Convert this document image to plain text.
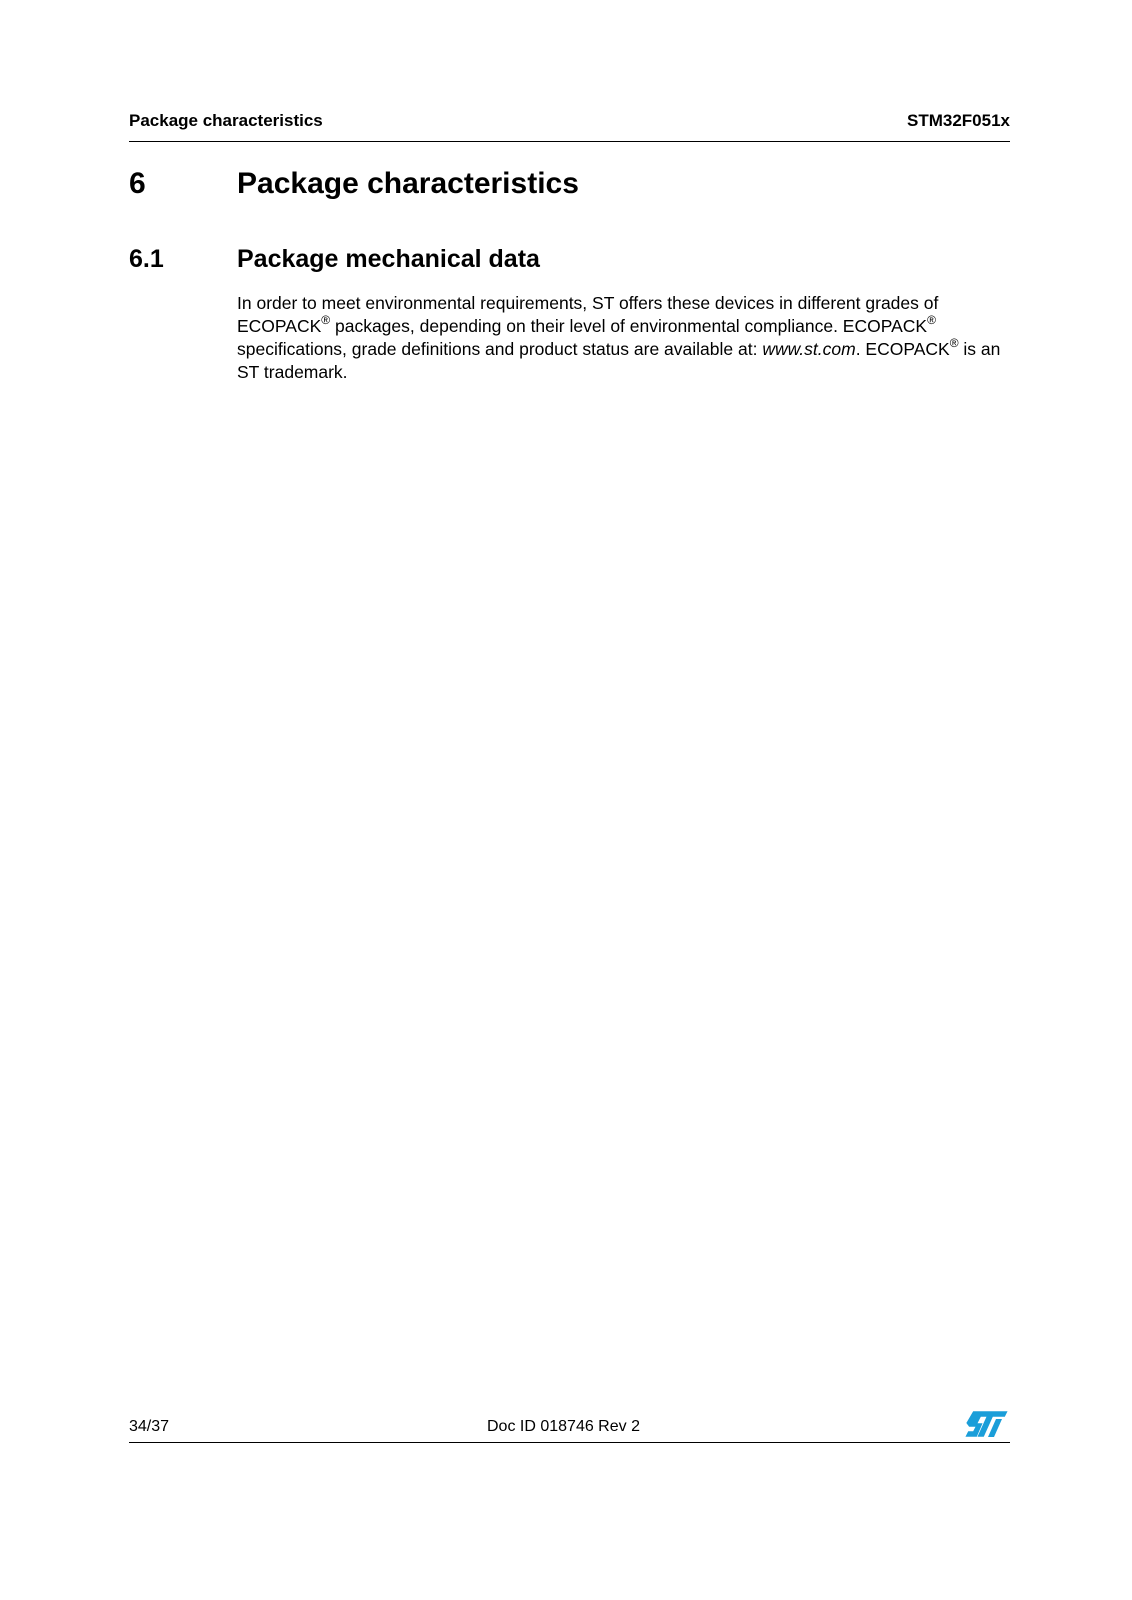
Package characteristics	STM32F051x
6	Package characteristics
6.1	Package mechanical data

In order to meet environmental requirements, ST offers these devices in different grades of ECOPACK® packages, depending on their level of environmental compliance. ECOPACK® specifications, grade definitions and product status are available at: www.st.com. ECOPACK® is an ST trademark.

34/37	Doc ID 018746 Rev 2
